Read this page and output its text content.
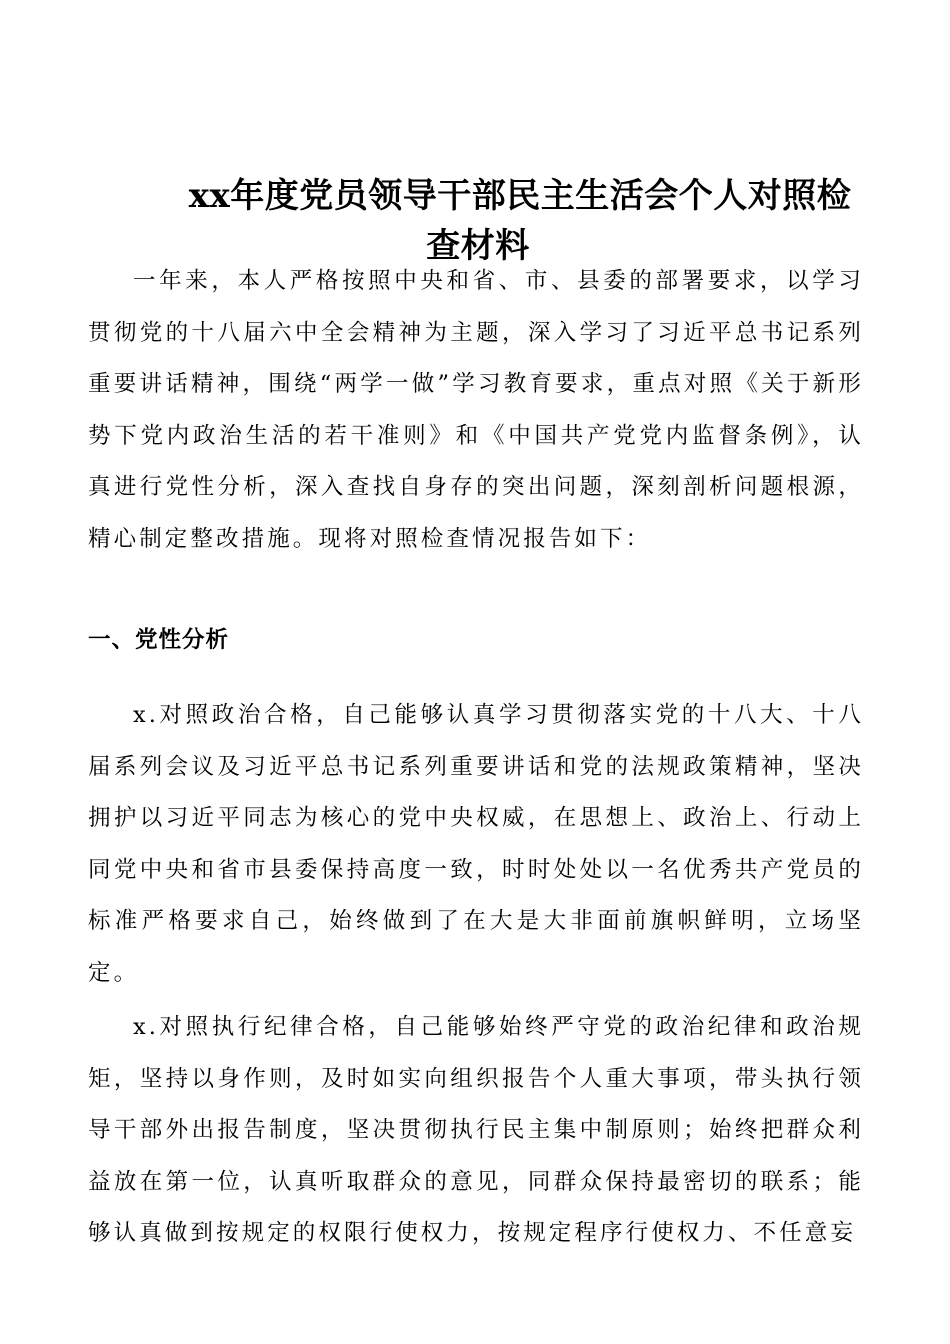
xx年度党员领导干部民主生活会个人对照检
查材料

一年来，本人严格按照中央和省、市、县委的部署要求，以学习贯彻党的十八届六中全会精神为主题，深入学习了习近平总书记系列重要讲话精神，围绕“两学一做”学习教育要求，重点对照《关于新形势下党内政治生活的若干准则》和《中国共产党党内监督条例》，认真进行党性分析，深入查找自身存的突出问题，深刻剖析问题根源，精心制定整改措施。现将对照检查情况报告如下：

一、党性分析

x.对照政治合格，自己能够认真学习贯彻落实党的十八大、十八届系列会议及习近平总书记系列重要讲话和党的法规政策精神，坚决拥护以习近平同志为核心的党中央权威，在思想上、政治上、行动上同党中央和省市县委保持高度一致，时时处处以一名优秀共产党员的标准严格要求自己，始终做到了在大是大非面前旗帜鲜明，立场坚定。

x.对照执行纪律合格，自己能够始终严守党的政治纪律和政治规矩，坚持以身作则，及时如实向组织报告个人重大事项，带头执行领导干部外出报告制度，坚决贯彻执行民主集中制原则；始终把群众利益放在第一位，认真听取群众的意见，同群众保持最密切的联系；能够认真做到按规定的权限行使权力，按规定程序行使权力、不任意妄
